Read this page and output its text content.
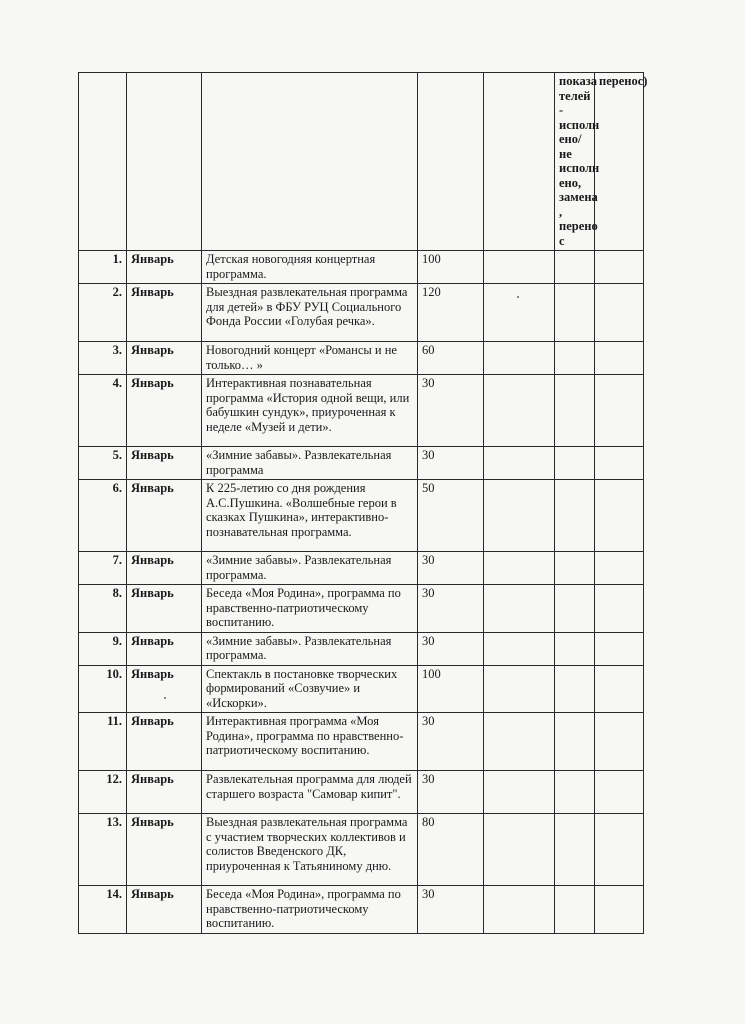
					показа телей - исполн ено/не исполн ено, замена , перено с	перенос)
1.	Январь	Детская новогодняя концертная программа.	100			
2.	Январь	Выездная развлекательная программа для детей» в ФБУ РУЦ Социального Фонда России «Голубая речка».	120			
3.	Январь	Новогодний концерт «Романсы и не только… »	60			
4.	Январь	Интерактивная познавательная программа «История одной вещи, или бабушкин сундук», приуроченная к неделе «Музей и дети».	30			
5.	Январь	«Зимние забавы». Развлекательная программа	30			
6.	Январь	К 225-летию со дня рождения А.С.Пушкина. «Волшебные герои в сказках Пушкина», интерактивно-познавательная программа.	50			
7.	Январь	«Зимние забавы». Развлекательная программа.	30			
8.	Январь	Беседа «Моя Родина», программа по нравственно-патриотическому воспитанию.	30			
9.	Январь	«Зимние забавы». Развлекательная программа.	30			
10.	Январь	Спектакль в постановке творческих формирований «Созвучие» и «Искорки».	100			
11.	Январь	Интерактивная программа «Моя Родина», программа по нравственно-патриотическому воспитанию.	30			
12.	Январь	Развлекательная программа для людей старшего возраста "Самовар кипит".	30			
13.	Январь	Выездная развлекательная программа с участием творческих коллективов и солистов Введенского ДК, приуроченная к Татьяниному дню.	80			
14.	Январь	Беседа «Моя Родина», программа по нравственно-патриотическому воспитанию.	30			
